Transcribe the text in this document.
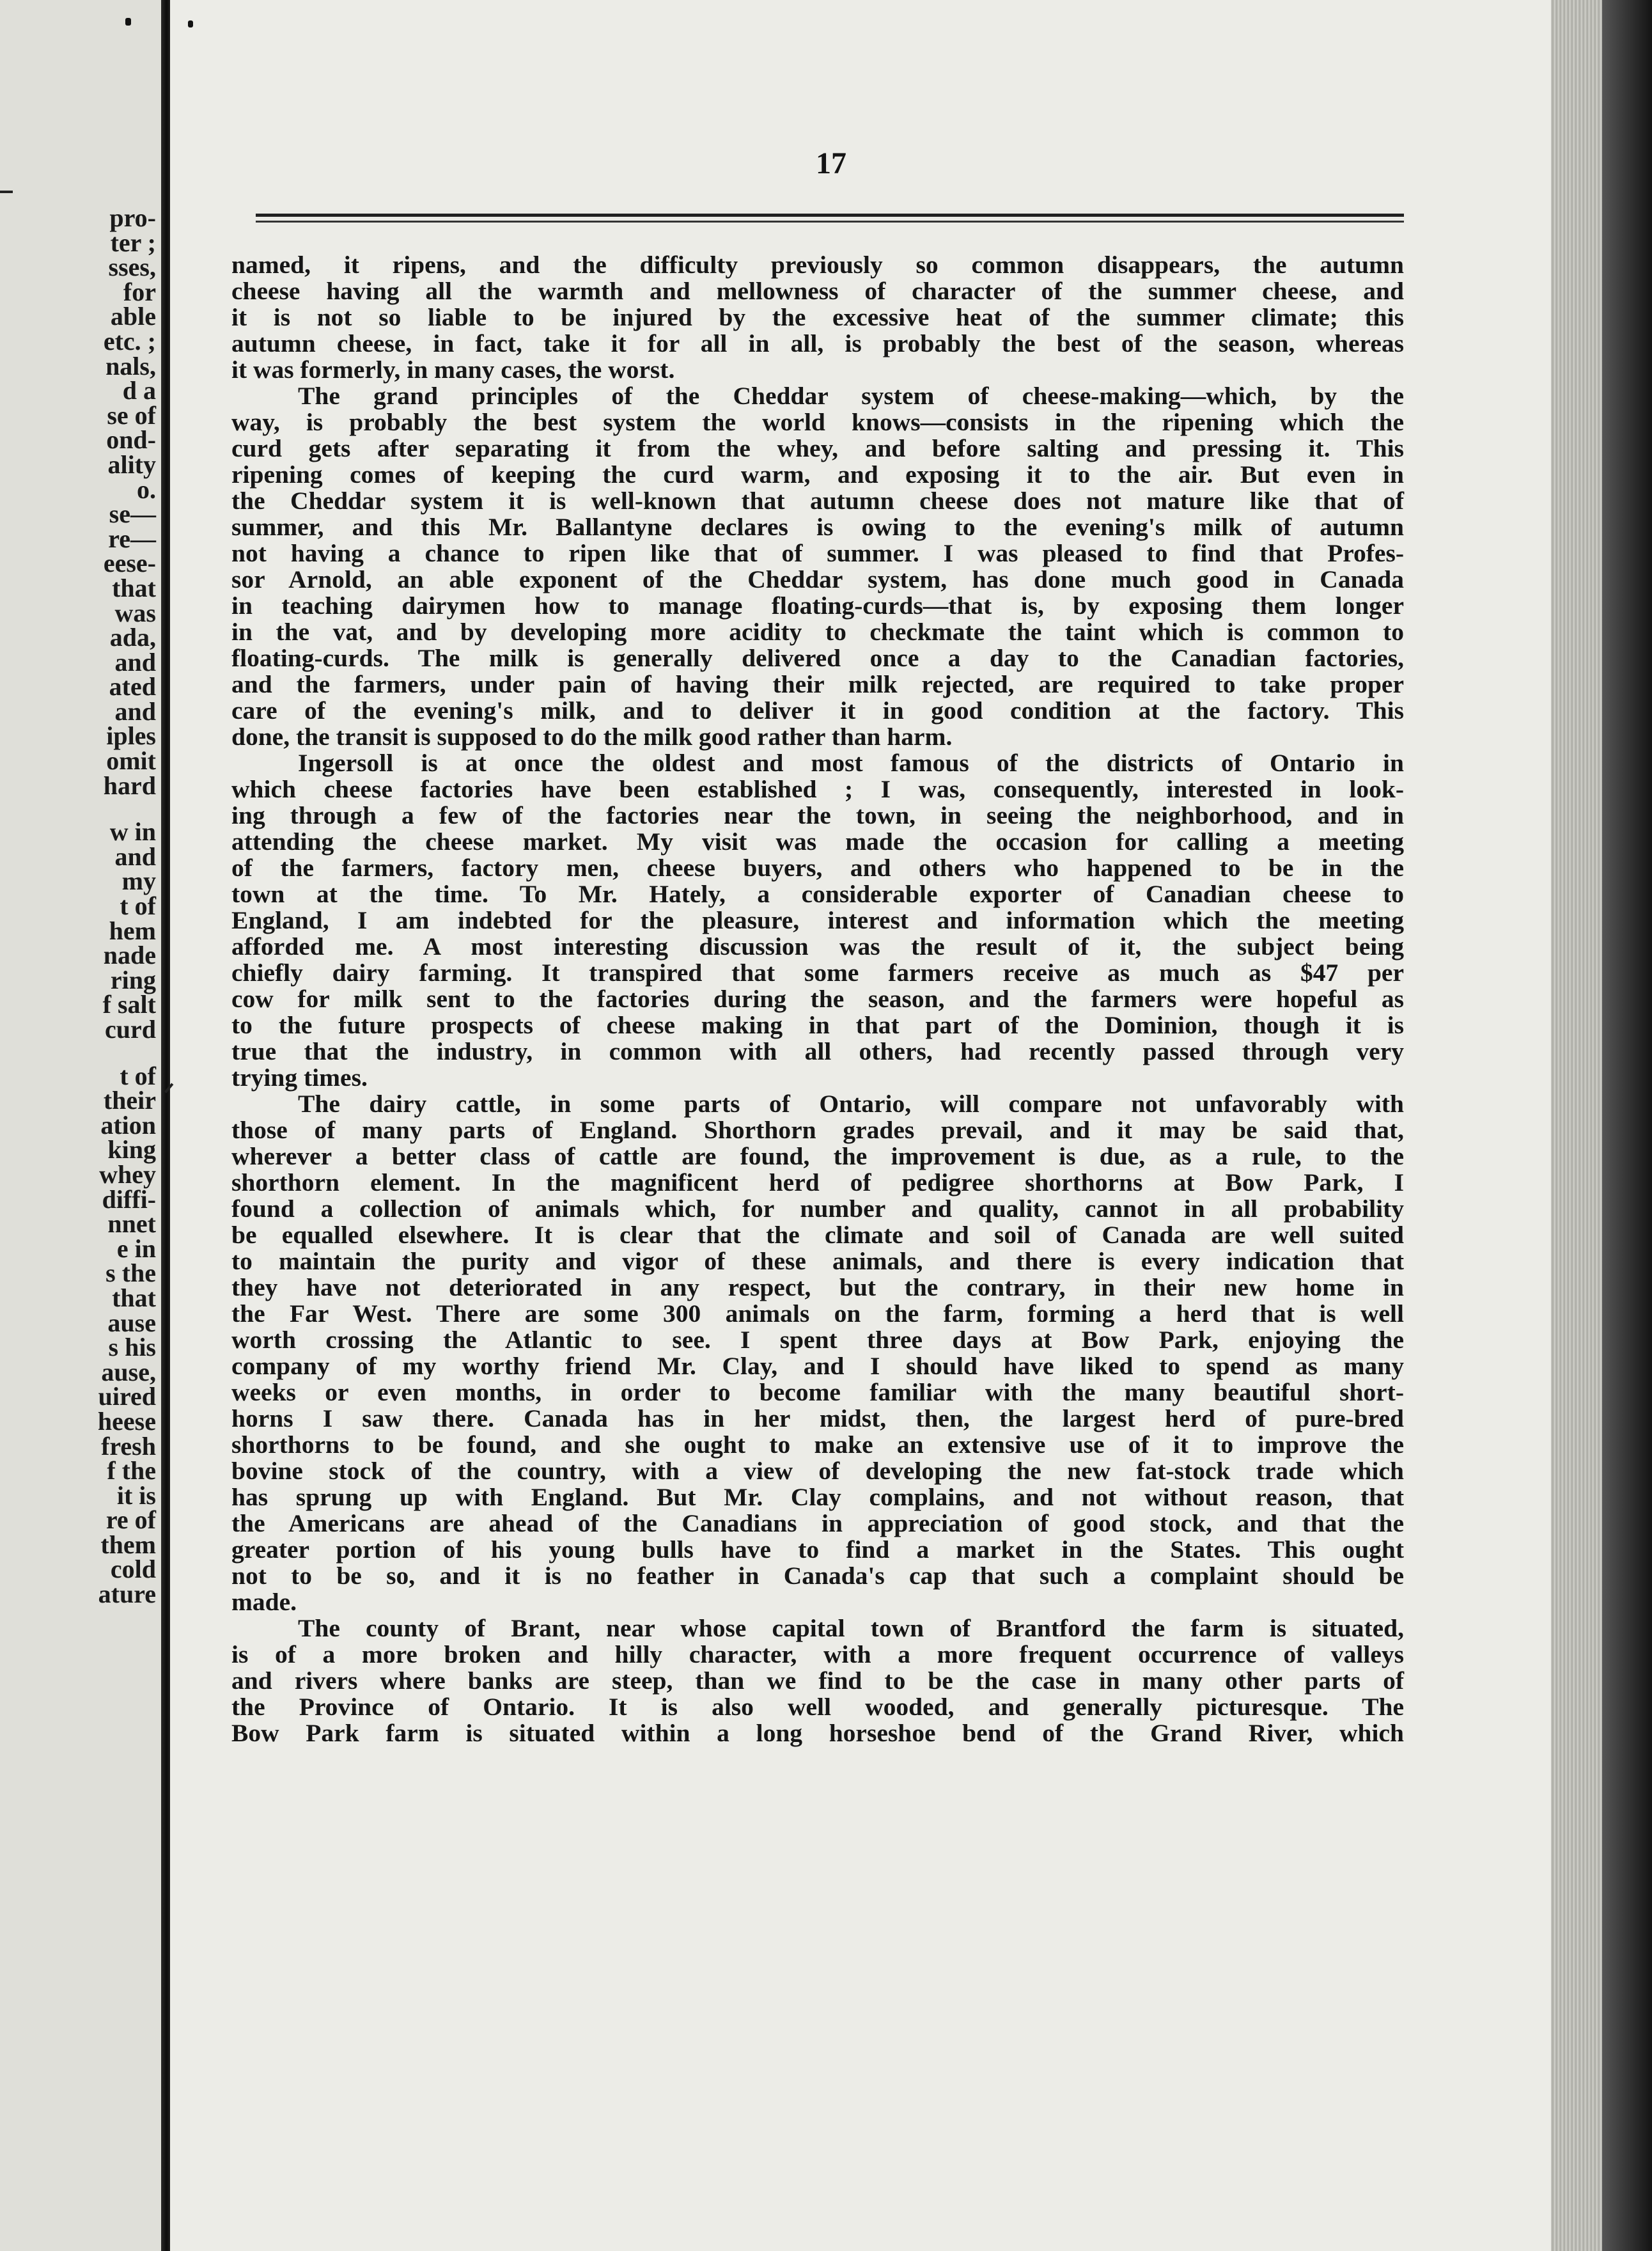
pro-
ter ;
sses,
for
able
etc. ;
nals,
d a
se of
ond-
ality
o.
se—
re—
eese-
that
was
ada,
and
ated
and
iples
omit
hard
w in
and
my
t of
hem
nade
ring
f salt
curd
t of
their
ation
king
whey
diffi-
nnet
e in
s the
that
ause
s his
ause,
uired
heese
fresh
f the
it is
re of
them
cold
ature
17
named, it ripens, and the difficulty previously so common disappears, the autumn
cheese having all the warmth and mellowness of character of the summer cheese, and
it is not so liable to be injured by the excessive heat of the summer climate; this
autumn cheese, in fact, take it for all in all, is probably the best of the season, whereas
it was formerly, in many cases, the worst.
The grand principles of the Cheddar system of cheese-making—which, by the
way, is probably the best system the world knows—consists in the ripening which the
curd gets after separating it from the whey, and before salting and pressing it. This
ripening comes of keeping the curd warm, and exposing it to the air. But even in
the Cheddar system it is well-known that autumn cheese does not mature like that of
summer, and this Mr. Ballantyne declares is owing to the evening's milk of autumn
not having a chance to ripen like that of summer. I was pleased to find that Profes-
sor Arnold, an able exponent of the Cheddar system, has done much good in Canada
in teaching dairymen how to manage floating-curds—that is, by exposing them longer
in the vat, and by developing more acidity to checkmate the taint which is common to
floating-curds. The milk is generally delivered once a day to the Canadian factories,
and the farmers, under pain of having their milk rejected, are required to take proper
care of the evening's milk, and to deliver it in good condition at the factory. This
done, the transit is supposed to do the milk good rather than harm.
Ingersoll is at once the oldest and most famous of the districts of Ontario in
which cheese factories have been established ; I was, consequently, interested in look-
ing through a few of the factories near the town, in seeing the neighborhood, and in
attending the cheese market. My visit was made the occasion for calling a meeting
of the farmers, factory men, cheese buyers, and others who happened to be in the
town at the time. To Mr. Hately, a considerable exporter of Canadian cheese to
England, I am indebted for the pleasure, interest and information which the meeting
afforded me. A most interesting discussion was the result of it, the subject being
chiefly dairy farming. It transpired that some farmers receive as much as $47 per
cow for milk sent to the factories during the season, and the farmers were hopeful as
to the future prospects of cheese making in that part of the Dominion, though it is
true that the industry, in common with all others, had recently passed through very
trying times.
The dairy cattle, in some parts of Ontario, will compare not unfavorably with
those of many parts of England. Shorthorn grades prevail, and it may be said that,
wherever a better class of cattle are found, the improvement is due, as a rule, to the
shorthorn element. In the magnificent herd of pedigree shorthorns at Bow Park, I
found a collection of animals which, for number and quality, cannot in all probability
be equalled elsewhere. It is clear that the climate and soil of Canada are well suited
to maintain the purity and vigor of these animals, and there is every indication that
they have not deteriorated in any respect, but the contrary, in their new home in
the Far West. There are some 300 animals on the farm, forming a herd that is well
worth crossing the Atlantic to see. I spent three days at Bow Park, enjoying the
company of my worthy friend Mr. Clay, and I should have liked to spend as many
weeks or even months, in order to become familiar with the many beautiful short-
horns I saw there. Canada has in her midst, then, the largest herd of pure-bred
shorthorns to be found, and she ought to make an extensive use of it to improve the
bovine stock of the country, with a view of developing the new fat-stock trade which
has sprung up with England. But Mr. Clay complains, and not without reason, that
the Americans are ahead of the Canadians in appreciation of good stock, and that the
greater portion of his young bulls have to find a market in the States. This ought
not to be so, and it is no feather in Canada's cap that such a complaint should be
made.
The county of Brant, near whose capital town of Brantford the farm is situated,
is of a more broken and hilly character, with a more frequent occurrence of valleys
and rivers where banks are steep, than we find to be the case in many other parts of
the Province of Ontario. It is also well wooded, and generally picturesque. The
Bow Park farm is situated within a long horseshoe bend of the Grand River, which
ᐟ
